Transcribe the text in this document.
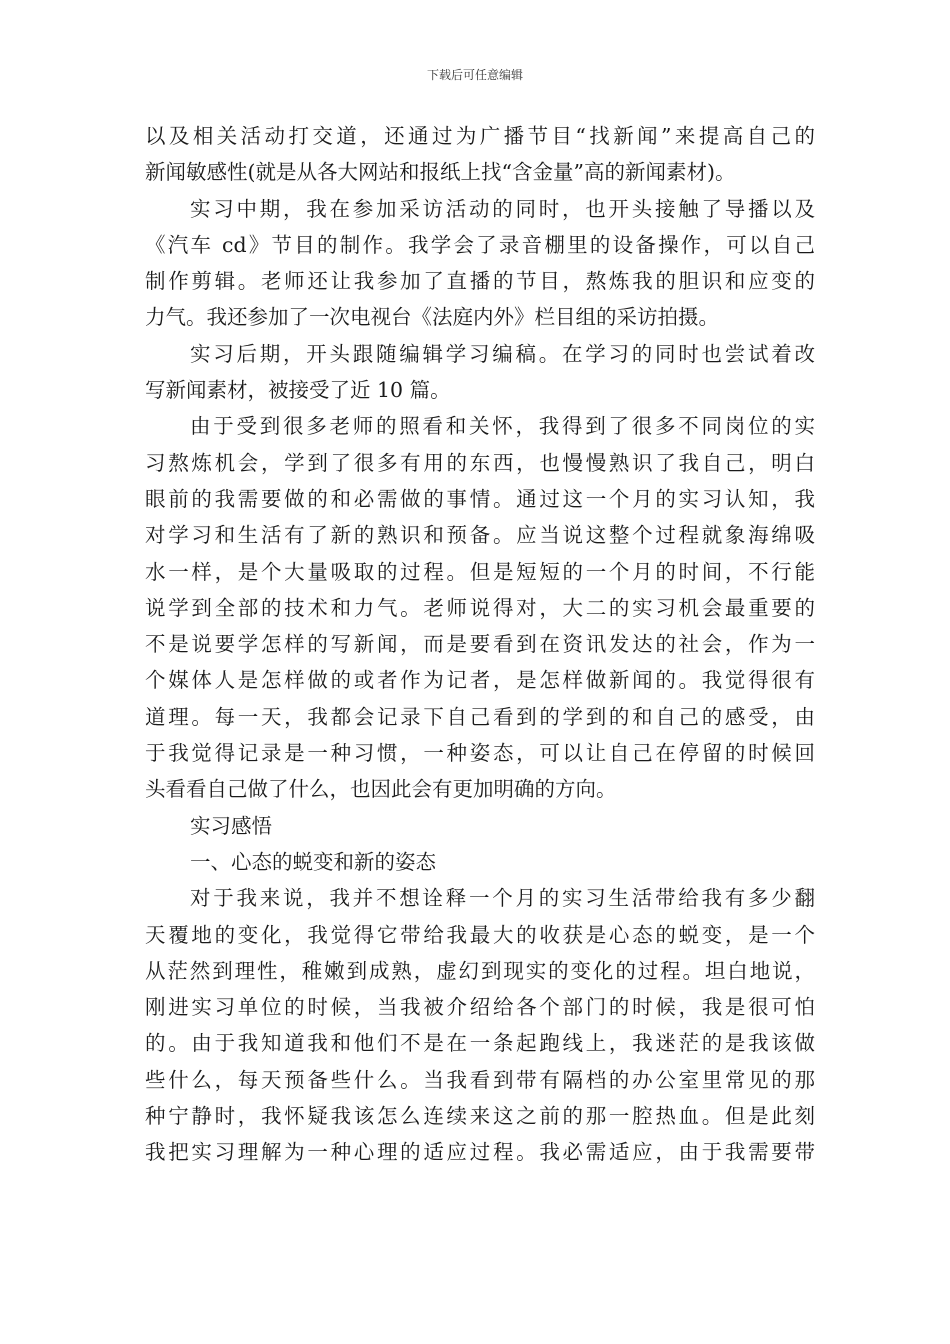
下载后可任意编辑
以及相关活动打交道，还通过为广播节目“找新闻”来提高自己的
新闻敏感性(就是从各大网站和报纸上找“含金量”高的新闻素材)。
实习中期，我在参加采访活动的同时，也开头接触了导播以及
《汽车 cd》节目的制作。我学会了录音棚里的设备操作，可以自己
制作剪辑。老师还让我参加了直播的节目，熬炼我的胆识和应变的
力气。我还参加了一次电视台《法庭内外》栏目组的采访拍摄。
实习后期，开头跟随编辑学习编稿。在学习的同时也尝试着改
写新闻素材，被接受了近 10 篇。
由于受到很多老师的照看和关怀，我得到了很多不同岗位的实
习熬炼机会，学到了很多有用的东西，也慢慢熟识了我自己，明白
眼前的我需要做的和必需做的事情。通过这一个月的实习认知，我
对学习和生活有了新的熟识和预备。应当说这整个过程就象海绵吸
水一样，是个大量吸取的过程。但是短短的一个月的时间，不行能
说学到全部的技术和力气。老师说得对，大二的实习机会最重要的
不是说要学怎样的写新闻，而是要看到在资讯发达的社会，作为一
个媒体人是怎样做的或者作为记者，是怎样做新闻的。我觉得很有
道理。每一天，我都会记录下自己看到的学到的和自己的感受，由
于我觉得记录是一种习惯，一种姿态，可以让自己在停留的时候回
头看看自己做了什么，也因此会有更加明确的方向。
实习感悟
一、心态的蜕变和新的姿态
对于我来说，我并不想诠释一个月的实习生活带给我有多少翻
天覆地的变化，我觉得它带给我最大的收获是心态的蜕变，是一个
从茫然到理性，稚嫩到成熟，虚幻到现实的变化的过程。坦白地说，
刚进实习单位的时候，当我被介绍给各个部门的时候，我是很可怕
的。由于我知道我和他们不是在一条起跑线上，我迷茫的是我该做
些什么，每天预备些什么。当我看到带有隔档的办公室里常见的那
种宁静时，我怀疑我该怎么连续来这之前的那一腔热血。但是此刻
我把实习理解为一种心理的适应过程。我必需适应，由于我需要带
